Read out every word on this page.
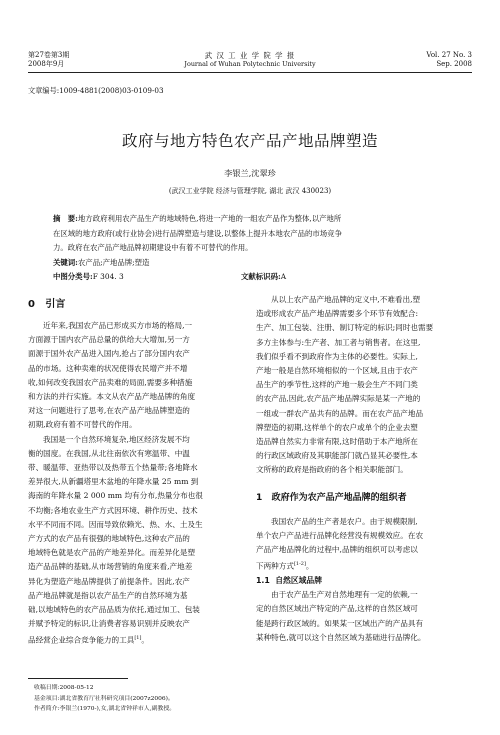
第27卷第3期
2008年9月
武 汉 工 业 学 院 学 报
Journal of Wuhan Polytechnic University
Vol. 27 No. 3
Sep. 2008
文章编号:1009-4881(2008)03-0109-03
政府与地方特色农产品产地品牌塑造
李银兰,沈翠珍
(武汉工业学院 经济与管理学院, 湖北 武汉 430023)
摘　要:地方政府利用农产品生产的地域特色,将进一产地的一组农产品作为整体,以产地所
在区域的地方政府(或行业协会)进行品牌塑造与建设,以整体上提升本地农产品的市场竞争
力。政府在农产品产地品牌初期建设中有着不可替代的作用。
关键词:农产品;产地品牌;塑造
中图分类号:F 304. 3	文献标识码:A
0 引言
近年来,我国农产品已形成买方市场的格局,一
方面源于国内农产品总量的供给大大增加,另一方
面源于国外农产品进入国内,抢占了部分国内农产
品的市场。这种卖难的状况使得农民增产并不增
收,如何改变我国农产品卖难的局面,需要多种措施
和方法的并行实施。本文从农产品产地品牌的角度
对这一问题进行了思考,在农产品产地品牌塑造的
初期,政府有着不可替代的作用。
我国是一个自然环境复杂,地区经济发展不均
衡的国度。在我国,从北往南依次有寒温带、中温
带、暖温带、亚热带以及热带五个热量带;各地降水
差异很大,从新疆塔里木盆地的年降水量 25 mm 到
海南的年降水量 2 000 mm 均有分布,热量分布也很
不均衡;各地农业生产方式因环境、耕作历史、技术
水平不同而不同。因而导致依赖光、热、水、土及生
产方式的农产品有很强的地域特色,这种农产品的
地域特色就是农产品的产地差异化。而差异化是塑
造产品品牌的基础,从市场营销的角度来看,产地差
异化为塑造产地品牌提供了前提条件。因此,农产
品产地品牌就是指以农产品生产的自然环境为基
础,以地域特色的农产品品质为依托,通过加工、包装
并赋予特定的标识,让消费者容易识别并反映农产
品经营企业综合竞争能力的工具[1]。
收稿日期:2008-05-12
基金项目:湖北省教育厅社科研究项目(2007z2006)。
作者简介:李银兰(1970-),女,湖北省钟祥市人,副教授。
从以上农产品产地品牌的定义中,不难看出,塑
造或形成农产品产地品牌需要多个环节有效配合:
生产、加工包装、注册、制订特定的标识;同时也需要
多方主体参与:生产者、加工者与销售者。在这里,
我们似乎看不到政府作为主体的必要性。实际上,
产地一般是自然环境相似的一个区域,且由于农产
品生产的季节性,这样的产地一般会生产不同门类
的农产品,因此,农产品产地品牌实际是某一产地的
一组或一群农产品共有的品牌。而在农产品产地品
牌塑造的初期,这样单个的农户或单个的企业去塑
造品牌自然实力非常有限,这时借助于本产地所在
的行政区域政府及其职能部门就凸显其必要性,本
文所称的政府是指政府的各个相关职能部门。
1 政府作为农产品产地品牌的组织者
我国农产品的生产者是农户。由于规模限制,
单个农户产品进行品牌化经营没有规模效应。在农
产品产地品牌化的过程中,品牌的组织可以考虑以
下两种方式[1-2]。
1.1 自然区域品牌
由于农产品生产对自然地理有一定的依赖,一
定的自然区域出产特定的产品,这样的自然区域可
能是跨行政区域的。如果某一区域出产的产品具有
某种特色,就可以这个自然区域为基础进行品牌化。
